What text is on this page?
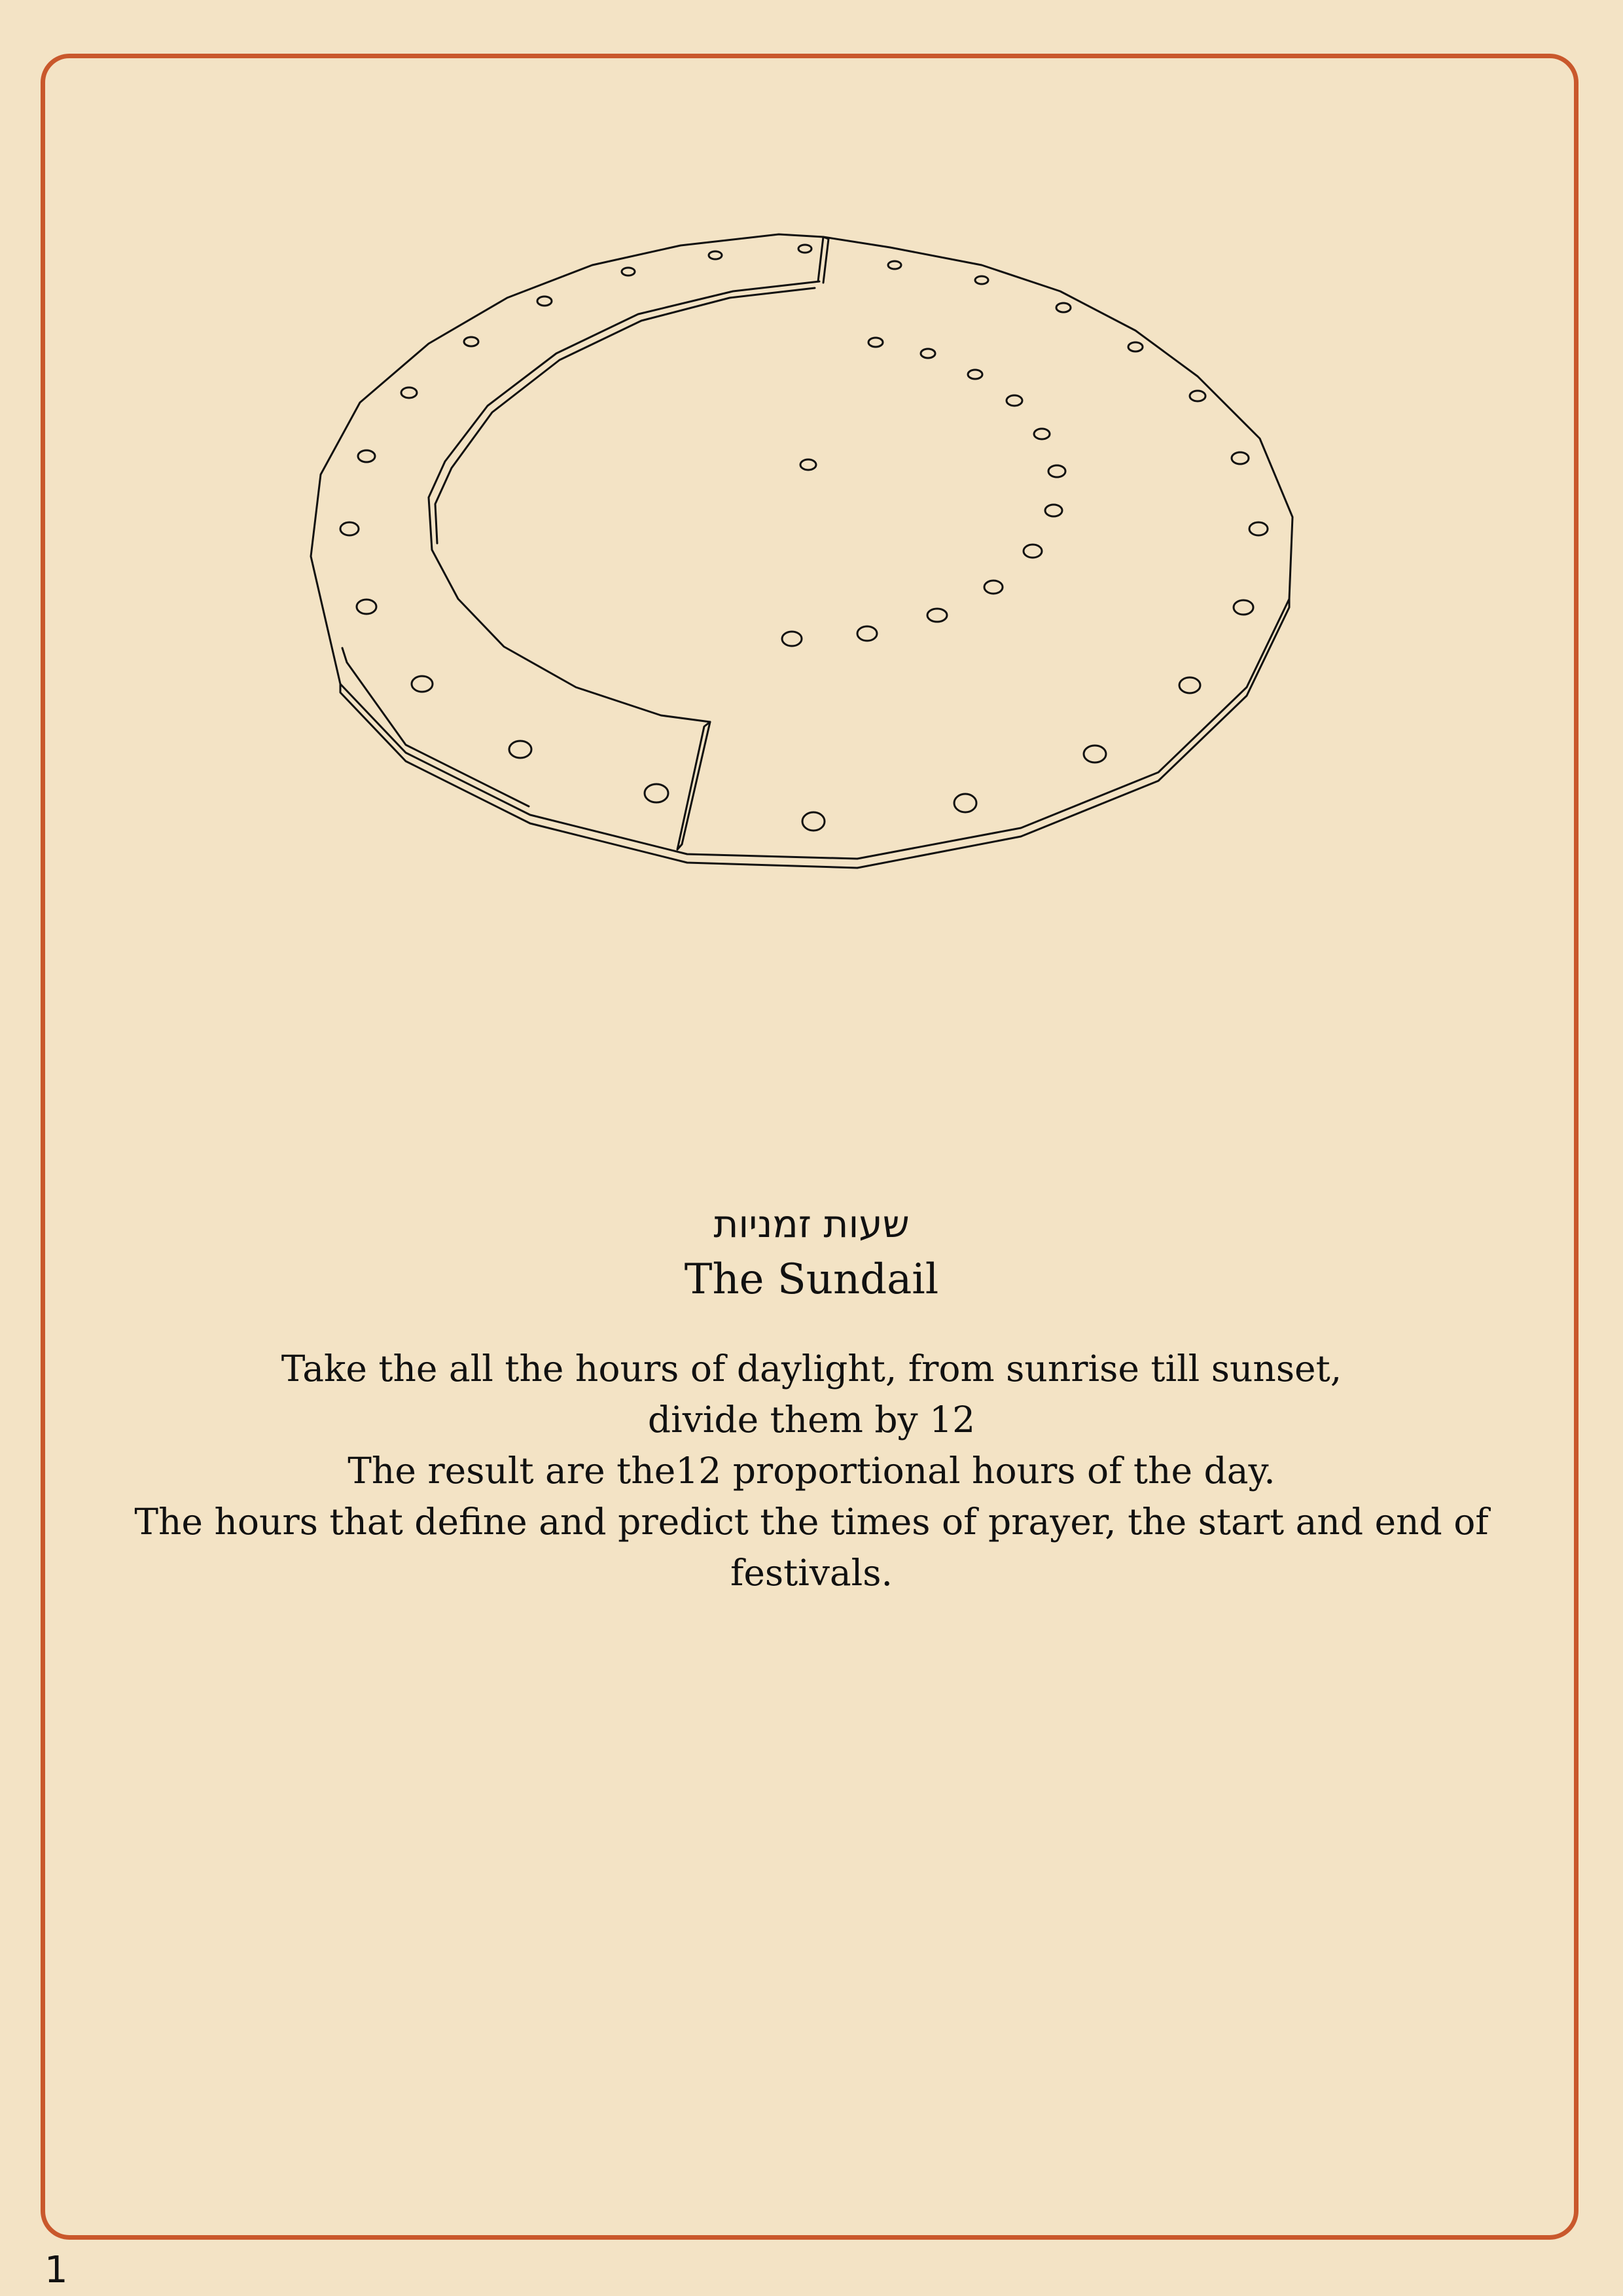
שעות זמניות
The Sundail
Take the all the hours of daylight, from sunrise till sunset,
divide them by 12
The result are the12 proportional hours of the day.
The hours that define and predict the times of prayer, the start and end of
festivals.
1
